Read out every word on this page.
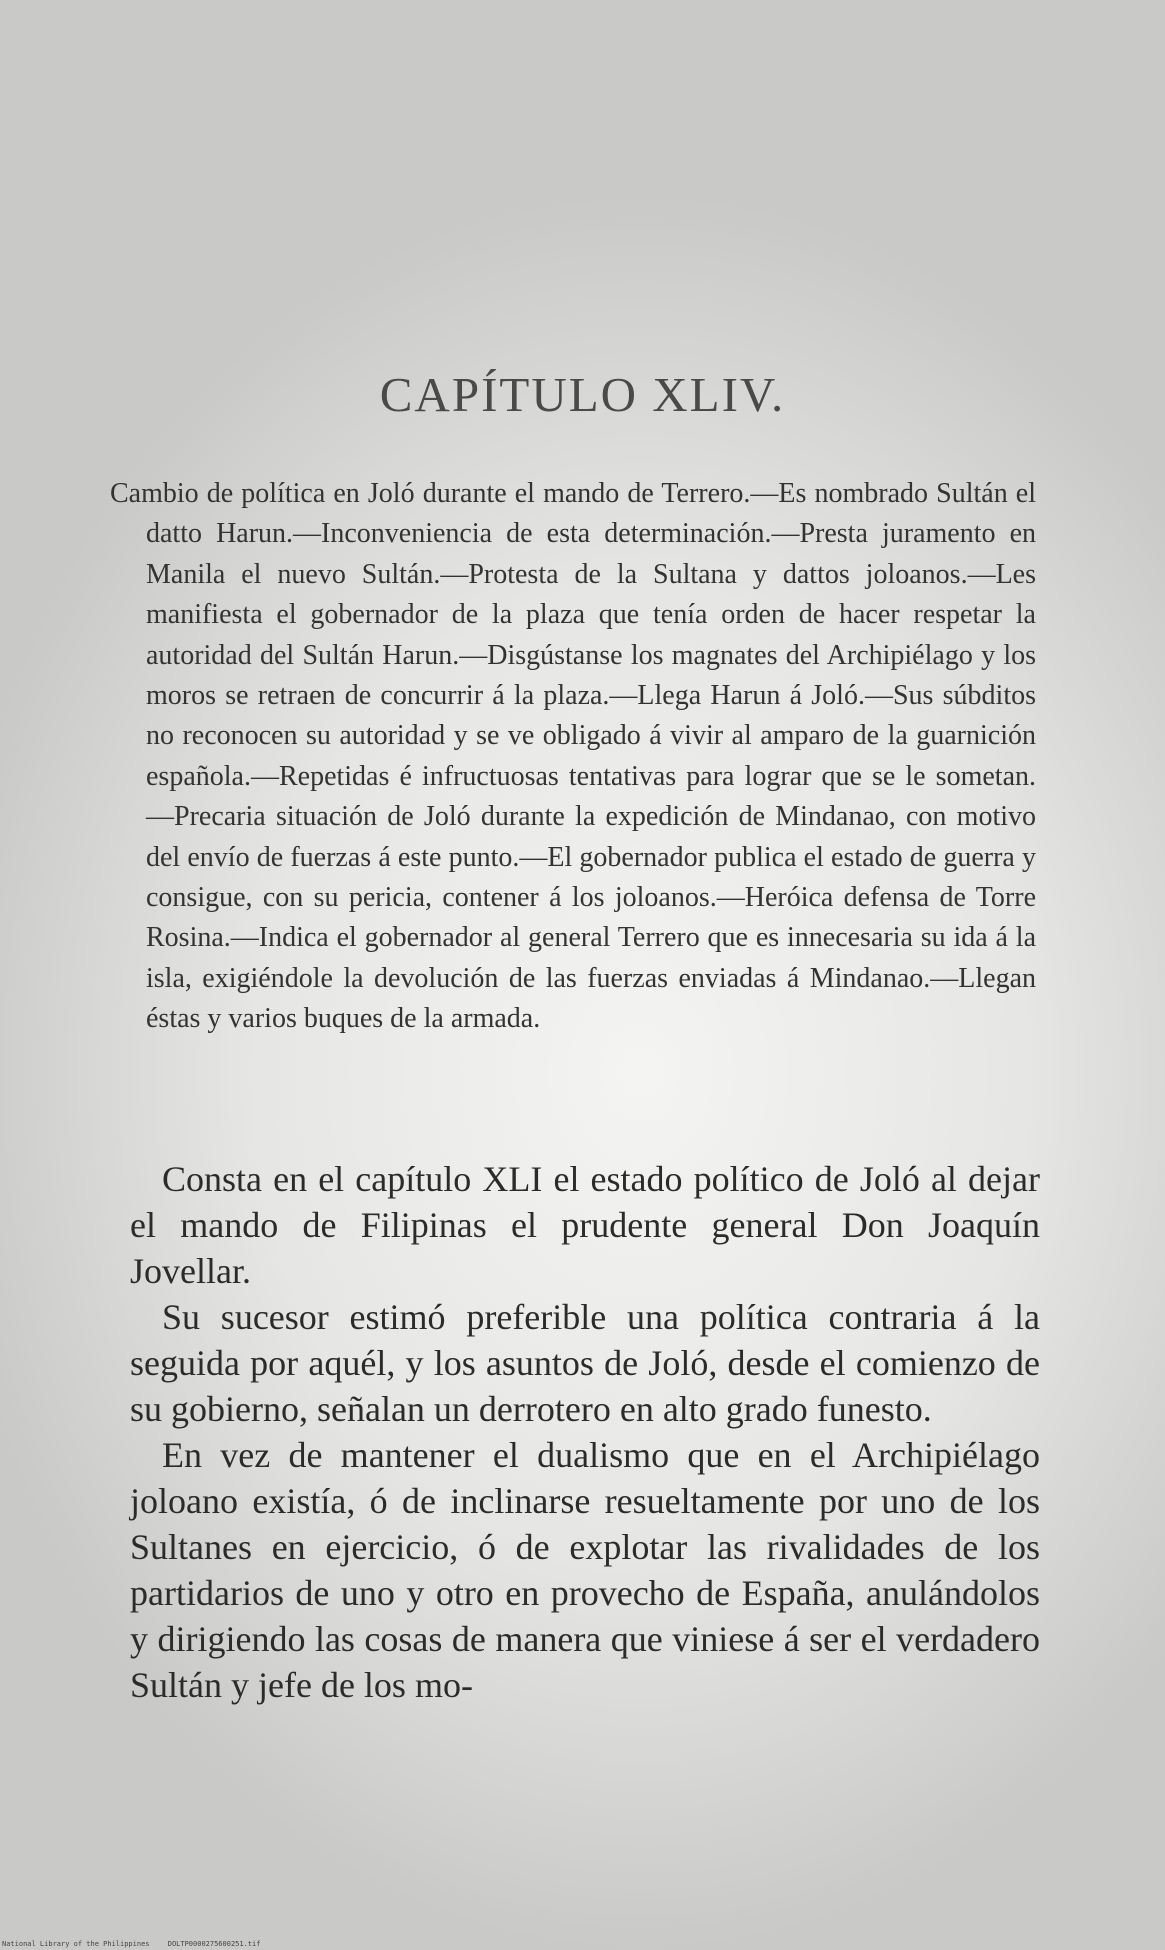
CAPÍTULO XLIV.

Cambio de política en Joló durante el mando de Terrero.—Es nombrado Sultán el datto Harun.—Inconveniencia de esta determinación.—Presta juramento en Manila el nuevo Sultán.—Protesta de la Sultana y dattos joloanos.—Les manifiesta el gobernador de la plaza que tenía orden de hacer respetar la autoridad del Sultán Harun.—Disgústanse los magnates del Archipiélago y los moros se retraen de concurrir á la plaza.—Llega Harun á Joló.—Sus súbditos no reconocen su autoridad y se ve obligado á vivir al amparo de la guarnición española.—Repetidas é infructuosas tentativas para lograr que se le sometan.—Precaria situación de Joló durante la expedición de Mindanao, con motivo del envío de fuerzas á este punto.—El gobernador publica el estado de guerra y consigue, con su pericia, contener á los joloanos.—Heróica defensa de Torre Rosina.—Indica el gobernador al general Terrero que es innecesaria su ida á la isla, exigiéndole la devolución de las fuerzas enviadas á Mindanao.—Llegan éstas y varios buques de la armada.

Consta en el capítulo XLI el estado político de Joló al dejar el mando de Filipinas el prudente general Don Joaquín Jovellar.

Su sucesor estimó preferible una política contraria á la seguida por aquél, y los asuntos de Joló, desde el comienzo de su gobierno, señalan un derrotero en alto grado funesto.

En vez de mantener el dualismo que en el Archipiélago joloano existía, ó de inclinarse resueltamente por uno de los Sultanes en ejercicio, ó de explotar las rivalidades de los partidarios de uno y otro en provecho de España, anulándolos y dirigiendo las cosas de manera que viniese á ser el verdadero Sultán y jefe de los mo-

National Library of the Philippines	DOLTP0000275600251.tif
